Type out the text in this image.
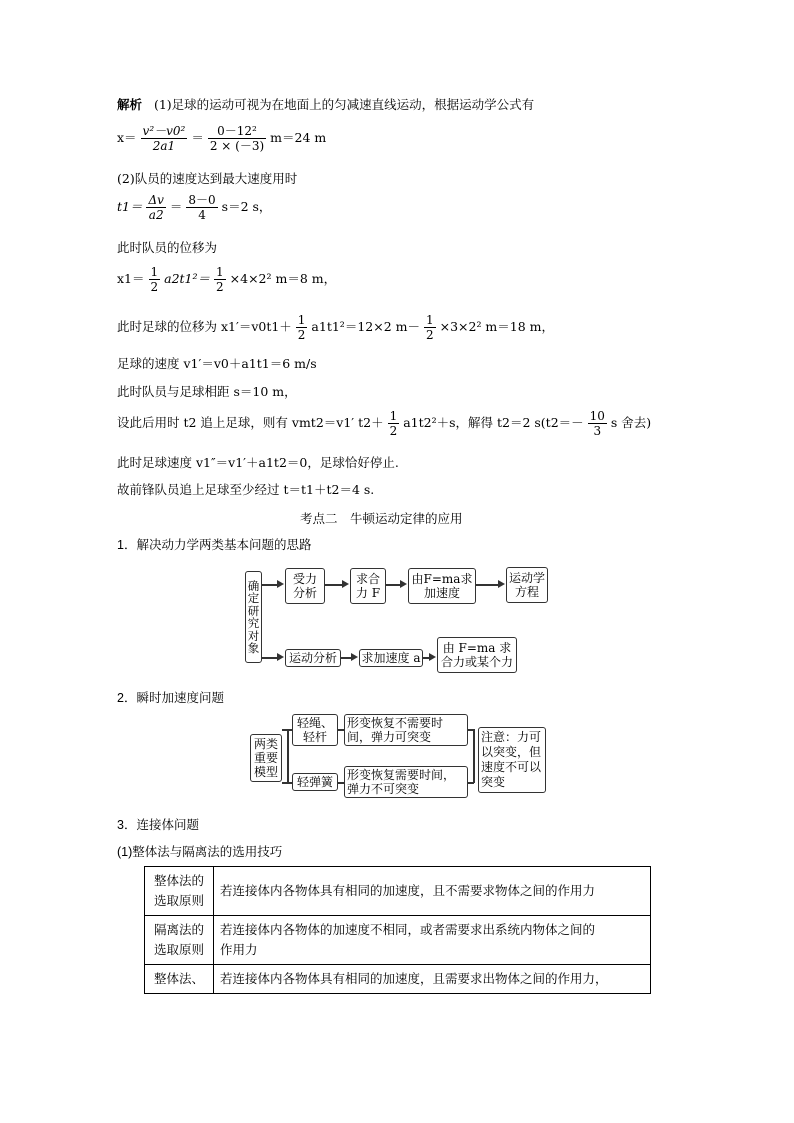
解析 (1)足球的运动可视为在地面上的匀减速直线运动，根据运动学公式有
$x= \frac{\text{v²－v0²}}{2a1} = \frac{\text{0－12²}}{2 \times (-3)} m=24$ m
(2)队员的速度达到最大速度用时
$t1= \frac{\Delta v}{a2} = \frac{8-0}{4} s=2$ s，
此时队员的位移为
$x1= \frac{1}{2} a2t1^2= \frac{1}{2} \times 4\times 2^2$ m＝8 m，
此时足球的位移为 $x1'=v0t1+ \frac{1}{2} a1t1^2=12\times 2$ $m- \frac{1}{2} \times 3\times 2^2$ m＝18 m，
足球的速度 v1′＝v0＋a1t1＝6 m/s
此时队员与足球相距 s＝10 m，
设此后用时 t2 追上足球，则有 vmt2＝v1′ $t2+ \frac{1}{2} a1t2^2+s$，解得 t2＝2 $s(t2=- \frac{10}{3}$ s 舍去)
此时足球速度 v1″＝v1′＋a1t2＝0，足球恰好停止.
故前锋队员追上足球至少经过 t＝t1＋t2＝4 s.
考点二　牛顿运动定律的应用
1．解决动力学两类基本问题的思路
确定研究对象
受力分析
求合力 F
由F=ma求加速度
运动学方程
运动分析 求加速度 a
由 F=ma 求合力或某个力
2．瞬时加速度问题
两类重要模型
轻绳、轻杆
形变恢复不需要时间，弹力可突变
轻弹簧 形变恢复需要时间，弹力不可突变
注意：力可以突变，但速度不可以突变
3．连接体问题
(1)整体法与隔离法的选用技巧
整体法的
选取原则	若连接体内各物体具有相同的加速度，且不需要求物体之间的作用力
隔离法的
选取原则	若连接体内各物体的加速度不相同，或者需要求出系统内物体之间的
作用力
整体法、	若连接体内各物体具有相同的加速度，且需要求出物体之间的作用力，
